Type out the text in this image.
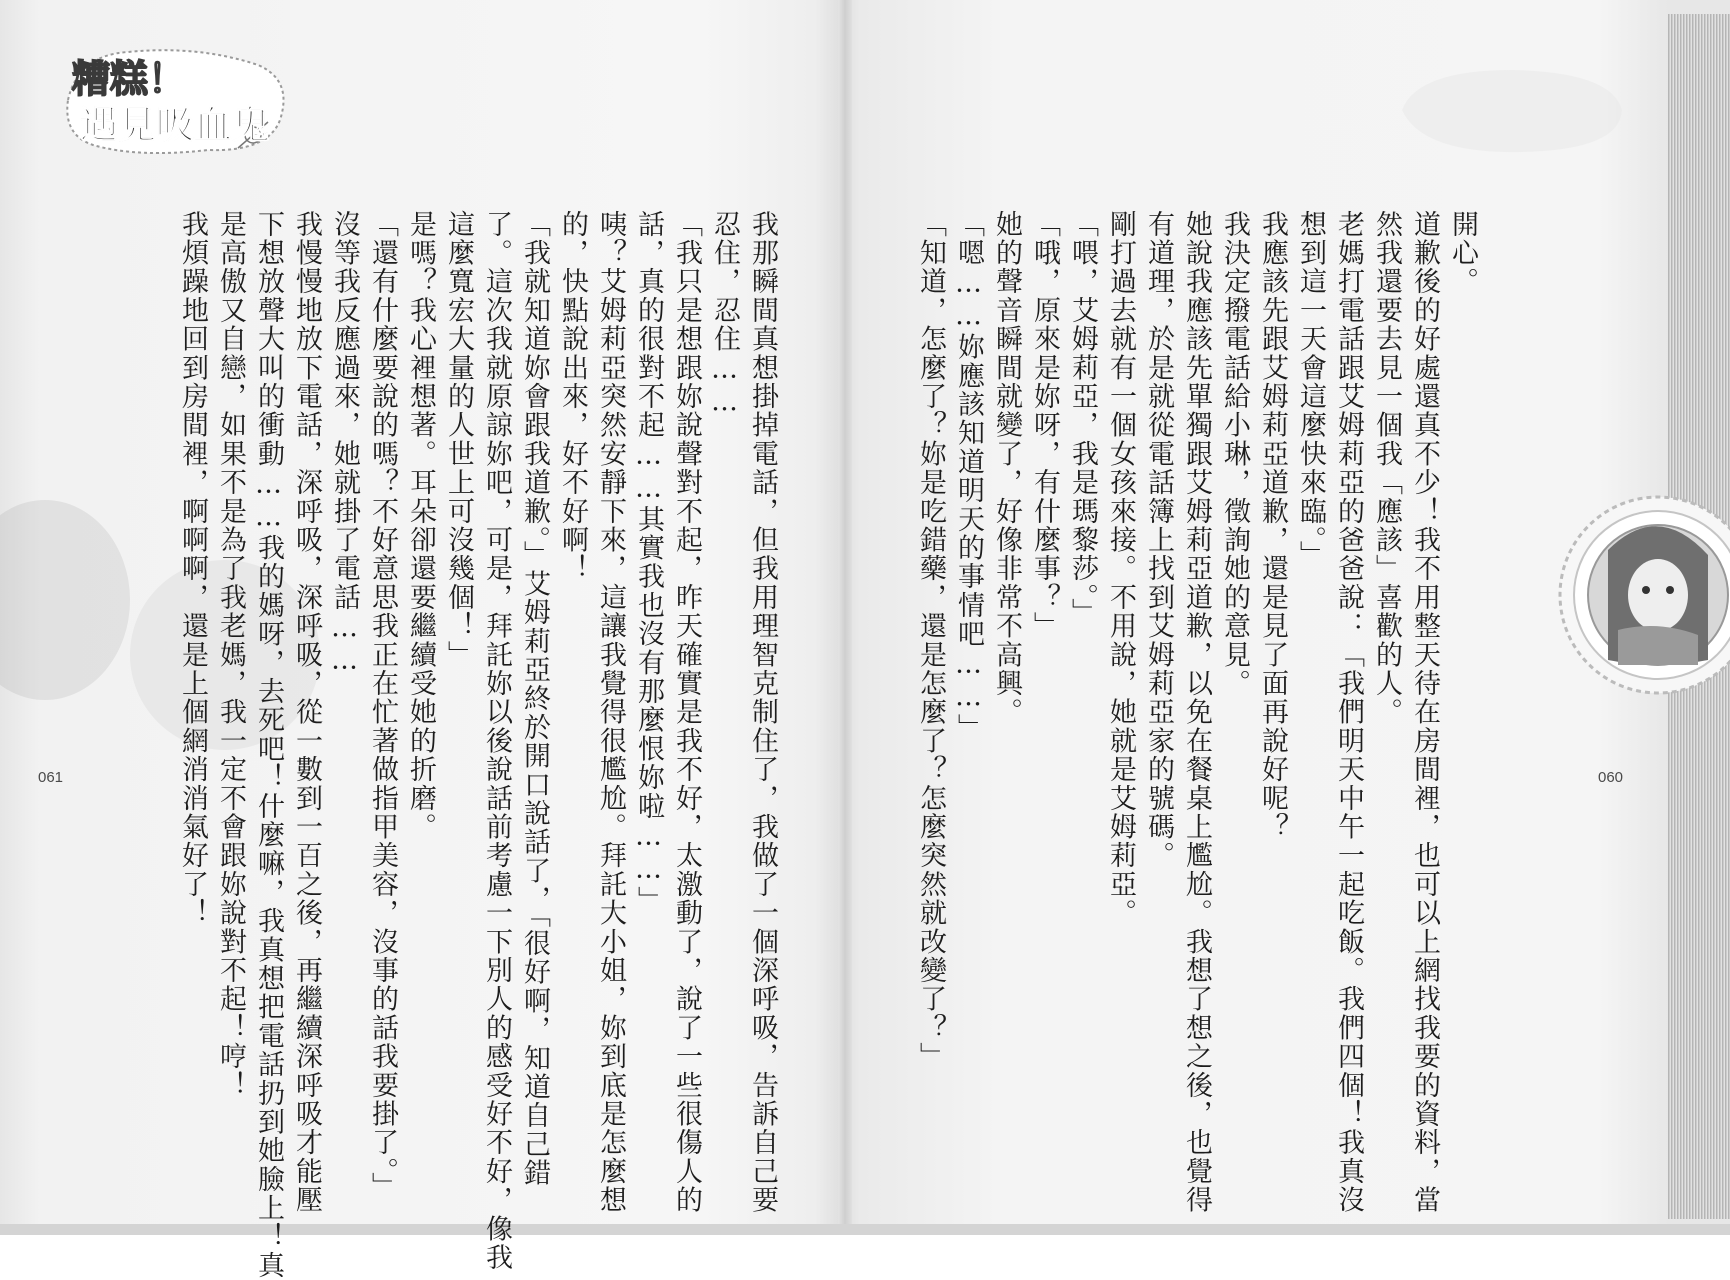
糟糕！
遇見吸血鬼
我那瞬間真想掛掉電話，但我用理智克制住了，我做了一個深呼吸，告訴自己要
忍住，忍住……
「我只是想跟妳說聲對不起，昨天確實是我不好，太激動了，說了一些很傷人的
話，真的很對不起……其實我也沒有那麼恨妳啦……」
咦？艾姆莉亞突然安靜下來，這讓我覺得很尷尬。拜託大小姐，妳到底是怎麼想
的，快點說出來，好不好啊！
「我就知道妳會跟我道歉。」艾姆莉亞終於開口說話了，「很好啊，知道自己錯
了。這次我就原諒妳吧，可是，拜託妳以後說話前考慮一下別人的感受好不好，像我
這麼寬宏大量的人世上可沒幾個！」
是嗎？我心裡想著。耳朵卻還要繼續受她的折磨。
「還有什麼要說的嗎？不好意思我正在忙著做指甲美容，沒事的話我要掛了。」
沒等我反應過來，她就掛了電話……
我慢慢地放下電話，深呼吸，深呼吸，從一數到一百之後，再繼續深呼吸才能壓
下想放聲大叫的衝動……我的媽呀，去死吧！什麼嘛，我真想把電話扔到她臉上！真
是高傲又自戀，如果不是為了我老媽，我一定不會跟妳說對不起！哼！
我煩躁地回到房間裡，啊啊啊，還是上個網消消氣好了！
061
開心。
道歉後的好處還真不少！我不用整天待在房間裡，也可以上網找我要的資料，當
然我還要去見一個我「應該」喜歡的人。
老媽打電話跟艾姆莉亞的爸爸說：「我們明天中午一起吃飯。我們四個！我真沒
想到這一天會這麼快來臨。」
我應該先跟艾姆莉亞道歉，還是見了面再說好呢？
我決定撥電話給小琳，徵詢她的意見。
她說我應該先單獨跟艾姆莉亞道歉，以免在餐桌上尷尬。我想了想之後，也覺得
有道理，於是就從電話簿上找到艾姆莉亞家的號碼。
剛打過去就有一個女孩來接。不用說，她就是艾姆莉亞。
「喂，艾姆莉亞，我是瑪黎莎。」
「哦，原來是妳呀，有什麼事？」
她的聲音瞬間就變了，好像非常不高興。
「嗯……妳應該知道明天的事情吧……」
「知道，怎麼了？妳是吃錯藥，還是怎麼了？怎麼突然就改變了？」	060
